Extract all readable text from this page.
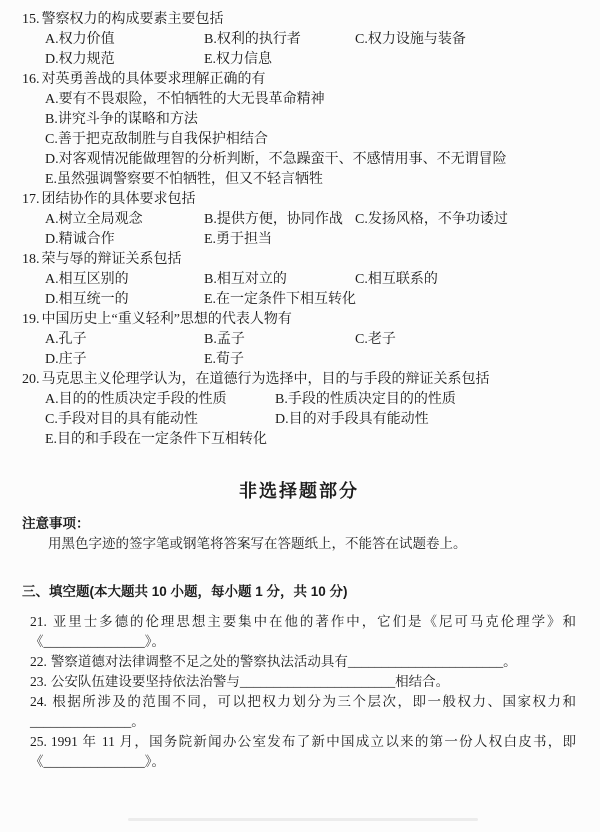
15. 警察权力的构成要素主要包括
A.权力价值	B.权利的执行者	C.权力设施与装备
D.权力规范	E.权力信息
16. 对英勇善战的具体要求理解正确的有
A.要有不畏艰险，不怕牺牲的大无畏革命精神
B.讲究斗争的谋略和方法
C.善于把克敌制胜与自我保护相结合
D.对客观情况能做理智的分析判断，不急躁蛮干、不感情用事、不无谓冒险
E.虽然强调警察要不怕牺牲，但又不轻言牺牲
17. 团结协作的具体要求包括
A.树立全局观念	B.提供方便，协同作战 C.发扬风格，不争功诿过
D.精诚合作	E.勇于担当
18. 荣与辱的辩证关系包括
A.相互区别的	B.相互对立的	C.相互联系的
D.相互统一的	E.在一定条件下相互转化
19. 中国历史上“重义轻利”思想的代表人物有
A.孔子	B.孟子	C.老子
D.庄子	E.荀子
20. 马克思主义伦理学认为，在道德行为选择中，目的与手段的辩证关系包括
A.目的的性质决定手段的性质	B.手段的性质决定目的的性质
C.手段对目的具有能动性	D.目的对手段具有能动性
E.目的和手段在一定条件下互相转化
非选择题部分
注意事项：
用黑色字迹的签字笔或钢笔将答案写在答题纸上，不能答在试题卷上。
三、填空题(本大题共 10 小题，每小题 1 分，共 10 分)
21. 亚里士多德的伦理思想主要集中在他的著作中，它们是《尼可马克伦理学》和
《_______________》。
22. 警察道德对法律调整不足之处的警察执法活动具有_______________________。
23. 公安队伍建设要坚持依法治警与_______________________相结合。
24. 根据所涉及的范围不同，可以把权力划分为三个层次，即一般权力、国家权力和
_______________。
25. 1991 年 11 月，国务院新闻办公室发布了新中国成立以来的第一份人权白皮书，即
《_______________》。
